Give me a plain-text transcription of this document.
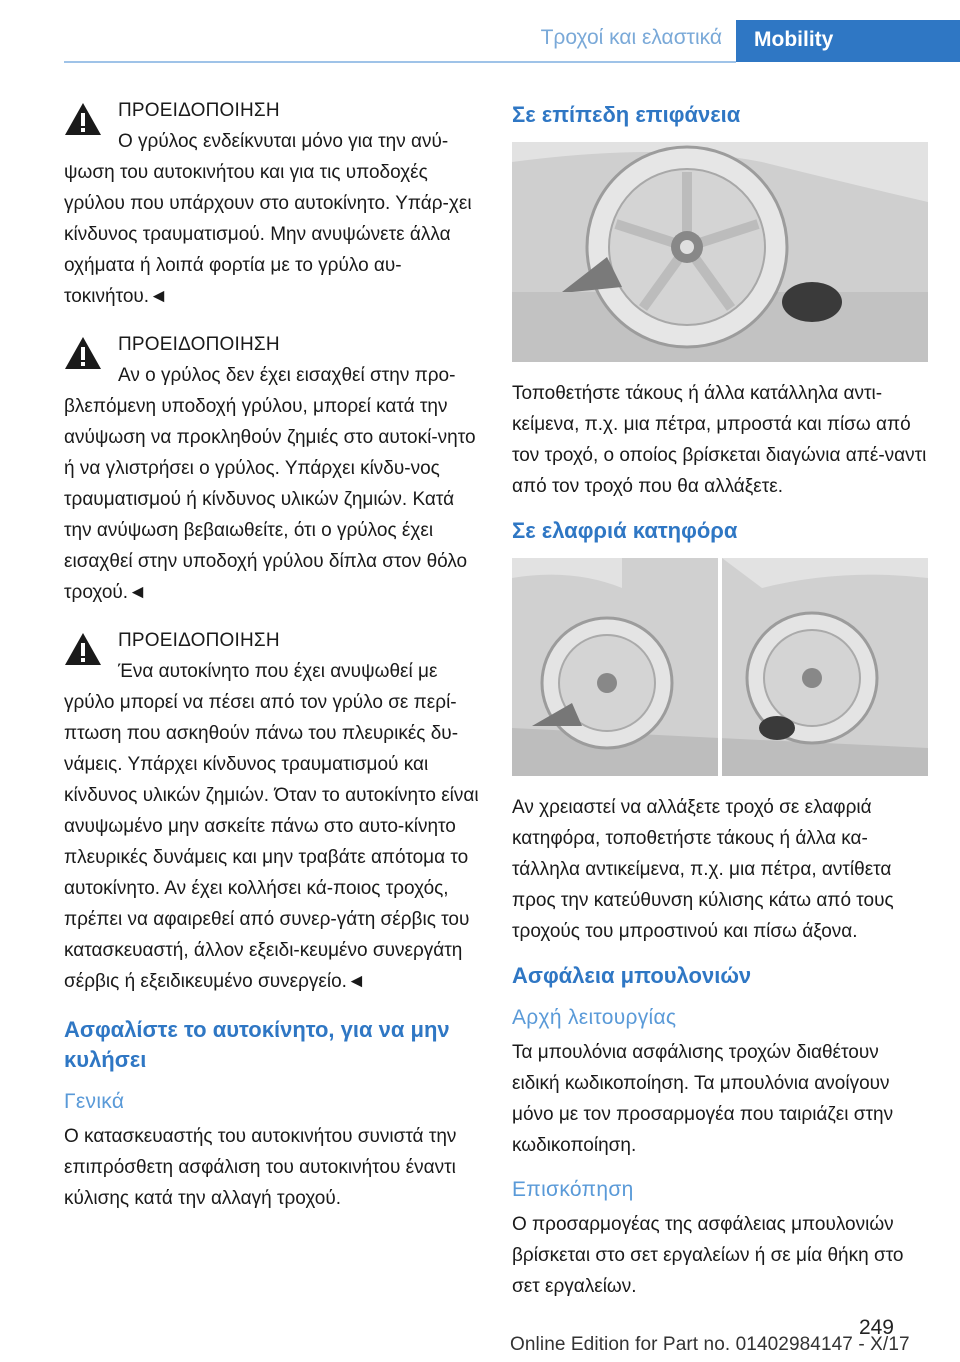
Τροχοί και ελαστικά	Mobility
ΠΡΟΕΙΔΟΠΟΙΗΣΗ

Ο γρύλος ενδείκνυται μόνο για την ανύ-ψωση του αυτοκινήτου και για τις υποδοχές γρύλου που υπάρχουν στο αυτοκίνητο. Υπάρ-χει κίνδυνος τραυματισμού. Μην ανυψώνετε άλλα οχήματα ή λοιπά φορτία με το γρύλο αυ-τοκινήτου.◄

ΠΡΟΕΙΔΟΠΟΙΗΣΗ

Αν ο γρύλος δεν έχει εισαχθεί στην προ-βλεπόμενη υποδοχή γρύλου, μπορεί κατά την ανύψωση να προκληθούν ζημιές στο αυτοκί-νητο ή να γλιστρήσει ο γρύλος. Υπάρχει κίνδυ-νος τραυματισμού ή κίνδυνος υλικών ζημιών. Κατά την ανύψωση βεβαιωθείτε, ότι ο γρύλος έχει εισαχθεί στην υποδοχή γρύλου δίπλα στον θόλο τροχού.◄

ΠΡΟΕΙΔΟΠΟΙΗΣΗ

Ένα αυτοκίνητο που έχει ανυψωθεί με γρύλο μπορεί να πέσει από τον γρύλο σε περί-πτωση που ασκηθούν πάνω του πλευρικές δυ-νάμεις. Υπάρχει κίνδυνος τραυματισμού και κίνδυνος υλικών ζημιών. Όταν το αυτοκίνητο είναι ανυψωμένο μην ασκείτε πάνω στο αυτο-κίνητο πλευρικές δυνάμεις και μην τραβάτε απότομα το αυτοκίνητο. Αν έχει κολλήσει κά-ποιος τροχός, πρέπει να αφαιρεθεί από συνερ-γάτη σέρβις του κατασκευαστή, άλλον εξειδι-κευμένο συνεργάτη σέρβις ή εξειδικευμένο συνεργείο.◄

Ασφαλίστε το αυτοκίνητο, για να μην κυλήσει
Γενικά

Ο κατασκευαστής του αυτοκινήτου συνιστά την επιπρόσθετη ασφάλιση του αυτοκινήτου έναντι κύλισης κατά την αλλαγή τροχού.

Σε επίπεδη επιφάνεια

Τοποθετήστε τάκους ή άλλα κατάλληλα αντι-κείμενα, π.χ. μια πέτρα, μπροστά και πίσω από τον τροχό, ο οποίος βρίσκεται διαγώνια απέ-ναντι από τον τροχό που θα αλλάξετε.

Σε ελαφριά κατηφόρα

Αν χρειαστεί να αλλάξετε τροχό σε ελαφριά κατηφόρα, τοποθετήστε τάκους ή άλλα κα-τάλληλα αντικείμενα, π.χ. μια πέτρα, αντίθετα προς την κατεύθυνση κύλισης κάτω από τους τροχούς του μπροστινού και πίσω άξονα.

Ασφάλεια μπουλονιών
Αρχή λειτουργίας

Τα μπουλόνια ασφάλισης τροχών διαθέτουν ειδική κωδικοποίηση. Τα μπουλόνια ανοίγουν μόνο με τον προσαρμογέα που ταιριάζει στην κωδικοποίηση.

Επισκόπηση

Ο προσαρμογέας της ασφάλειας μπουλονιών βρίσκεται στο σετ εργαλείων ή σε μία θήκη στο σετ εργαλείων.

249
Online Edition for Part no. 01402984147 - X/17
